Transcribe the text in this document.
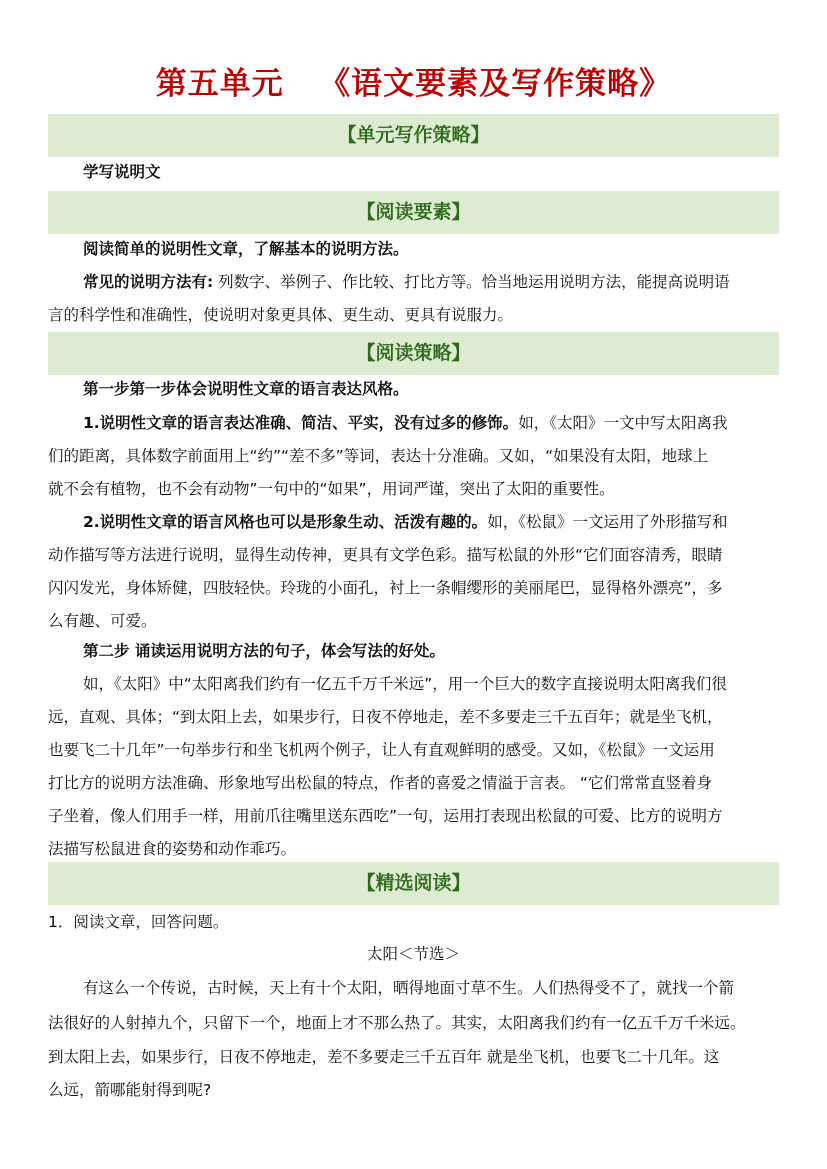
第五单元   《语文要素及写作策略》
【单元写作策略】
学写说明文
【阅读要素】
阅读简单的说明性文章，了解基本的说明方法。
常见的说明方法有: 列数字、举例子、作比较、打比方等。恰当地运用说明方法，能提高说明语
言的科学性和准确性，使说明对象更具体、更生动、更具有说服力。
【阅读策略】
第一步第一步体会说明性文章的语言表达风格。
1.说明性文章的语言表达准确、简洁、平实，没有过多的修饰。如，《太阳》一文中写太阳离我
们的距离，具体数字前面用上“约”“差不多”等词，表达十分准确。又如，“如果没有太阳，地球上
就不会有植物，也不会有动物”一句中的“如果”，用词严谨，突出了太阳的重要性。
2.说明性文章的语言风格也可以是形象生动、活泼有趣的。如，《松鼠》一文运用了外形描写和
动作描写等方法进行说明，显得生动传神，更具有文学色彩。描写松鼠的外形“它们面容清秀，眼睛
闪闪发光，身体矫健，四肢轻快。玲珑的小面孔，衬上一条帽缨形的美丽尾巴，显得格外漂亮”，多
么有趣、可爱。
第二步 诵读运用说明方法的句子，体会写法的好处。
如，《太阳》中“太阳离我们约有一亿五千万千米远”，用一个巨大的数字直接说明太阳离我们很
远，直观、具体；“到太阳上去，如果步行，日夜不停地走，差不多要走三千五百年；就是坐飞机，
也要飞二十几年”一句举步行和坐飞机两个例子，让人有直观鲜明的感受。又如，《松鼠》一文运用
打比方的说明方法准确、形象地写出松鼠的特点，作者的喜爱之情溢于言表。 “它们常常直竖着身
子坐着，像人们用手一样，用前爪往嘴里送东西吃”一句，运用打表现出松鼠的可爱、比方的说明方
法描写松鼠进食的姿势和动作乖巧。
【精选阅读】
1．阅读文章，回答问题。
太阳＜节选＞
有这么一个传说，古时候，天上有十个太阳，晒得地面寸草不生。人们热得受不了，就找一个箭
法很好的人射掉九个，只留下一个，地面上才不那么热了。其实，太阳离我们约有一亿五千万千米远。
到太阳上去，如果步行，日夜不停地走，差不多要走三千五百年 就是坐飞机，也要飞二十几年。这
么远，箭哪能射得到呢?
